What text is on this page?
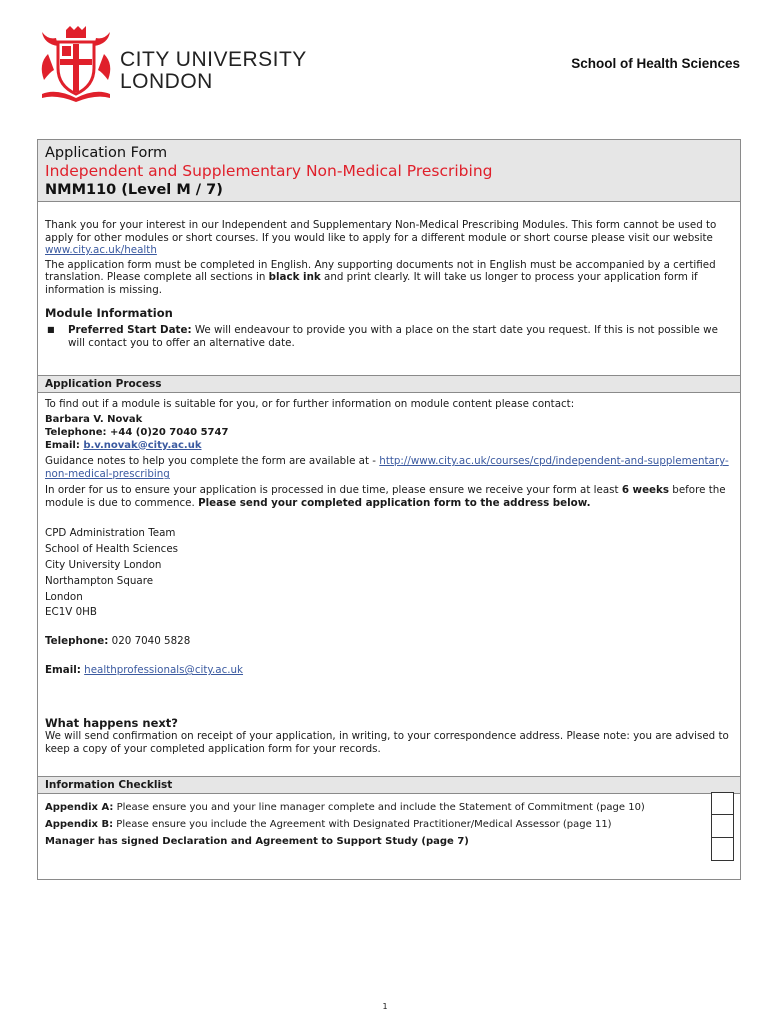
CITY UNIVERSITY
LONDON
School of Health Sciences
Application Form
Independent and Supplementary Non-Medical Prescribing
NMM110 (Level M / 7)

Thank you for your interest in our Independent and Supplementary Non-Medical Prescribing Modules. This form cannot be used to apply for other modules or short courses. If you would like to apply for a different module or short course please visit our website www.city.ac.uk/health

The application form must be completed in English. Any supporting documents not in English must be accompanied by a certified translation. Please complete all sections in black ink and print clearly. It will take us longer to process your application form if information is missing.

Module Information
■	Preferred Start Date: We will endeavour to provide you with a place on the start date you request. If this is not possible we will contact you to offer an alternative date.
Application Process

To find out if a module is suitable for you, or for further information on module content please contact:

Barbara V. Novak
Telephone: +44 (0)20 7040 5747
Email: b.v.novak@city.ac.uk

Guidance notes to help you complete the form are available at - http://www.city.ac.uk/courses/cpd/independent-and-supplementary-non-medical-prescribing

In order for us to ensure your application is processed in due time, please ensure we receive your form at least 6 weeks before the module is due to commence. Please send your completed application form to the address below.

CPD Administration Team
School of Health Sciences
City University London
Northampton Square
London
EC1V 0HB
Telephone: 020 7040 5828
Email: healthprofessionals@city.ac.uk
What happens next?

We will send confirmation on receipt of your application, in writing, to your correspondence address. Please note: you are advised to keep a copy of your completed application form for your records.

Information Checklist
Appendix A: Please ensure you and your line manager complete and include the Statement of Commitment (page 10)
Appendix B: Please ensure you include the Agreement with Designated Practitioner/Medical Assessor (page 11)
Manager has signed Declaration and Agreement to Support Study (page 7)
1
